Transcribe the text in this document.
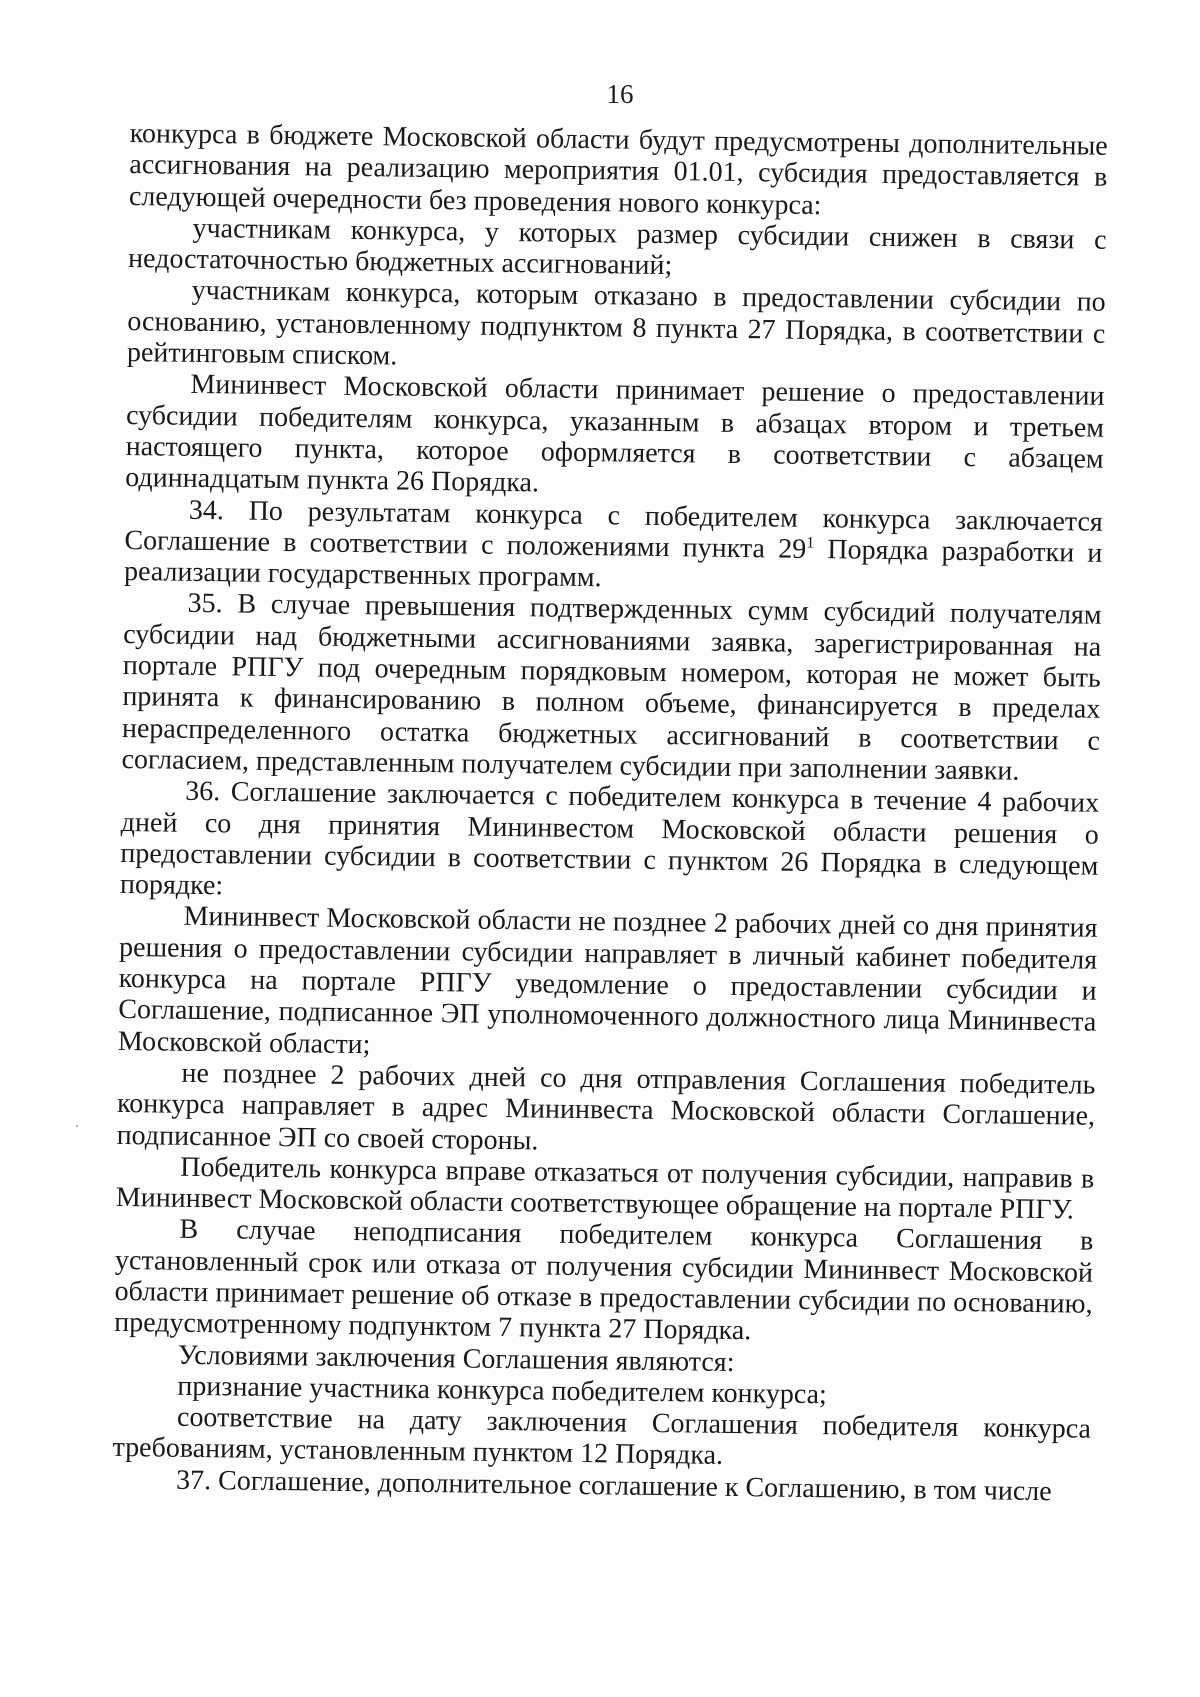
16

конкурса в бюджете Московской области будут предусмотрены дополнительные ассигнования на реализацию мероприятия 01.01, субсидия предоставляется в следующей очередности без проведения нового конкурса:

участникам конкурса, у которых размер субсидии снижен в связи с недостаточностью бюджетных ассигнований;

участникам конкурса, которым отказано в предоставлении субсидии по основанию, установленному подпунктом 8 пункта 27 Порядка, в соответствии с рейтинговым списком.

Мининвест Московской области принимает решение о предоставлении субсидии победителям конкурса, указанным в абзацах втором и третьем настоящего пункта, которое оформляется в соответствии с абзацем одиннадцатым пункта 26 Порядка.

34. По результатам конкурса с победителем конкурса заключается Соглашение в соответствии с положениями пункта $29^1$ Порядка разработки и реализации государственных программ.

35. В случае превышения подтвержденных сумм субсидий получателям субсидии над бюджетными ассигнованиями заявка, зарегистрированная на портале РПГУ под очередным порядковым номером, которая не может быть принята к финансированию в полном объеме, финансируется в пределах нераспределенного остатка бюджетных ассигнований в соответствии с согласием, представленным получателем субсидии при заполнении заявки.

36. Соглашение заключается с победителем конкурса в течение 4 рабочих дней со дня принятия Мининвестом Московской области решения о предоставлении субсидии в соответствии с пунктом 26 Порядка в следующем порядке:

Мининвест Московской области не позднее 2 рабочих дней со дня принятия решения о предоставлении субсидии направляет в личный кабинет победителя конкурса на портале РПГУ уведомление о предоставлении субсидии и Соглашение, подписанное ЭП уполномоченного должностного лица Мининвеста Московской области;

не позднее 2 рабочих дней со дня отправления Соглашения победитель конкурса направляет в адрес Мининвеста Московской области Соглашение, подписанное ЭП со своей стороны.

Победитель конкурса вправе отказаться от получения субсидии, направив в Мининвест Московской области соответствующее обращение на портале РПГУ.

В случае неподписания победителем конкурса Соглашения в установленный срок или отказа от получения субсидии Мининвест Московской области принимает решение об отказе в предоставлении субсидии по основанию, предусмотренному подпунктом 7 пункта 27 Порядка.

Условиями заключения Соглашения являются:

признание участника конкурса победителем конкурса;

соответствие на дату заключения Соглашения победителя конкурса требованиям, установленным пунктом 12 Порядка.

37. Соглашение, дополнительное соглашение к Соглашению, в том числе
